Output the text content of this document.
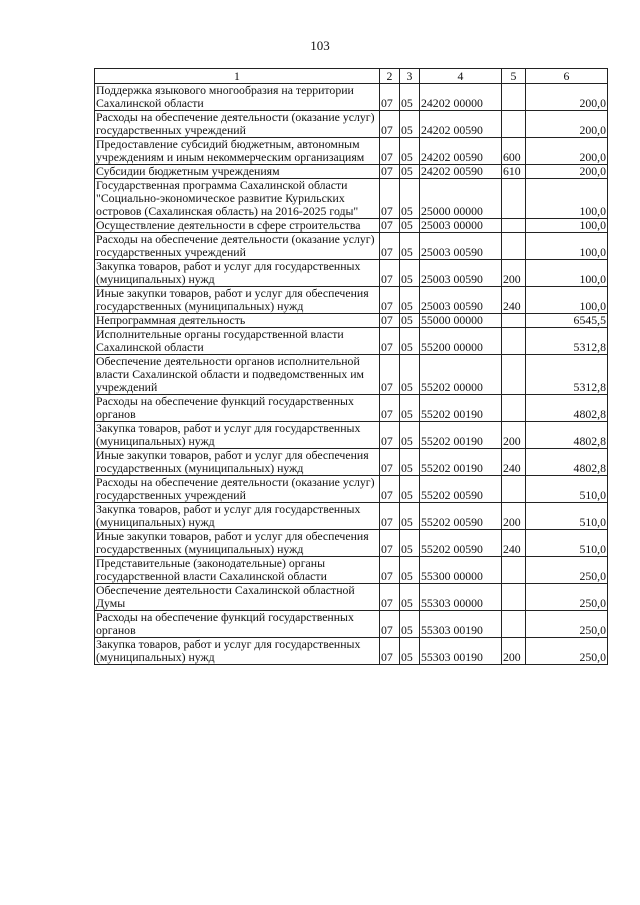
103
1	2	3	4	5	6
Поддержка языкового многообразия на территории Сахалинской области	07	05	24202 00000		200,0
Расходы на обеспечение деятельности (оказание услуг) государственных учреждений	07	05	24202 00590		200,0
Предоставление субсидий бюджетным, автономным учреждениям и иным некоммерческим организациям	07	05	24202 00590	600	200,0
Субсидии бюджетным учреждениям	07	05	24202 00590	610	200,0
Государственная программа Сахалинской области "Социально-экономическое развитие Курильских островов (Сахалинская область) на 2016-2025 годы"	07	05	25000 00000		100,0
Осуществление деятельности в сфере строительства	07	05	25003 00000		100,0
Расходы на обеспечение деятельности (оказание услуг) государственных учреждений	07	05	25003 00590		100,0
Закупка товаров, работ и услуг для государственных (муниципальных) нужд	07	05	25003 00590	200	100,0
Иные закупки товаров, работ и услуг для обеспечения государственных (муниципальных) нужд	07	05	25003 00590	240	100,0
Непрограммная деятельность	07	05	55000 00000		6545,5
Исполнительные органы государственной власти Сахалинской области	07	05	55200 00000		5312,8
Обеспечение деятельности органов исполнительной власти Сахалинской области и подведомственных им учреждений	07	05	55202 00000		5312,8
Расходы на обеспечение функций государственных органов	07	05	55202 00190		4802,8
Закупка товаров, работ и услуг для государственных (муниципальных) нужд	07	05	55202 00190	200	4802,8
Иные закупки товаров, работ и услуг для обеспечения государственных (муниципальных) нужд	07	05	55202 00190	240	4802,8
Расходы на обеспечение деятельности (оказание услуг) государственных учреждений	07	05	55202 00590		510,0
Закупка товаров, работ и услуг для государственных (муниципальных) нужд	07	05	55202 00590	200	510,0
Иные закупки товаров, работ и услуг для обеспечения государственных (муниципальных) нужд	07	05	55202 00590	240	510,0
Представительные (законодательные) органы государственной власти Сахалинской области	07	05	55300 00000		250,0
Обеспечение деятельности Сахалинской областной Думы	07	05	55303 00000		250,0
Расходы на обеспечение функций государственных органов	07	05	55303 00190		250,0
Закупка товаров, работ и услуг для государственных (муниципальных) нужд	07	05	55303 00190	200	250,0
